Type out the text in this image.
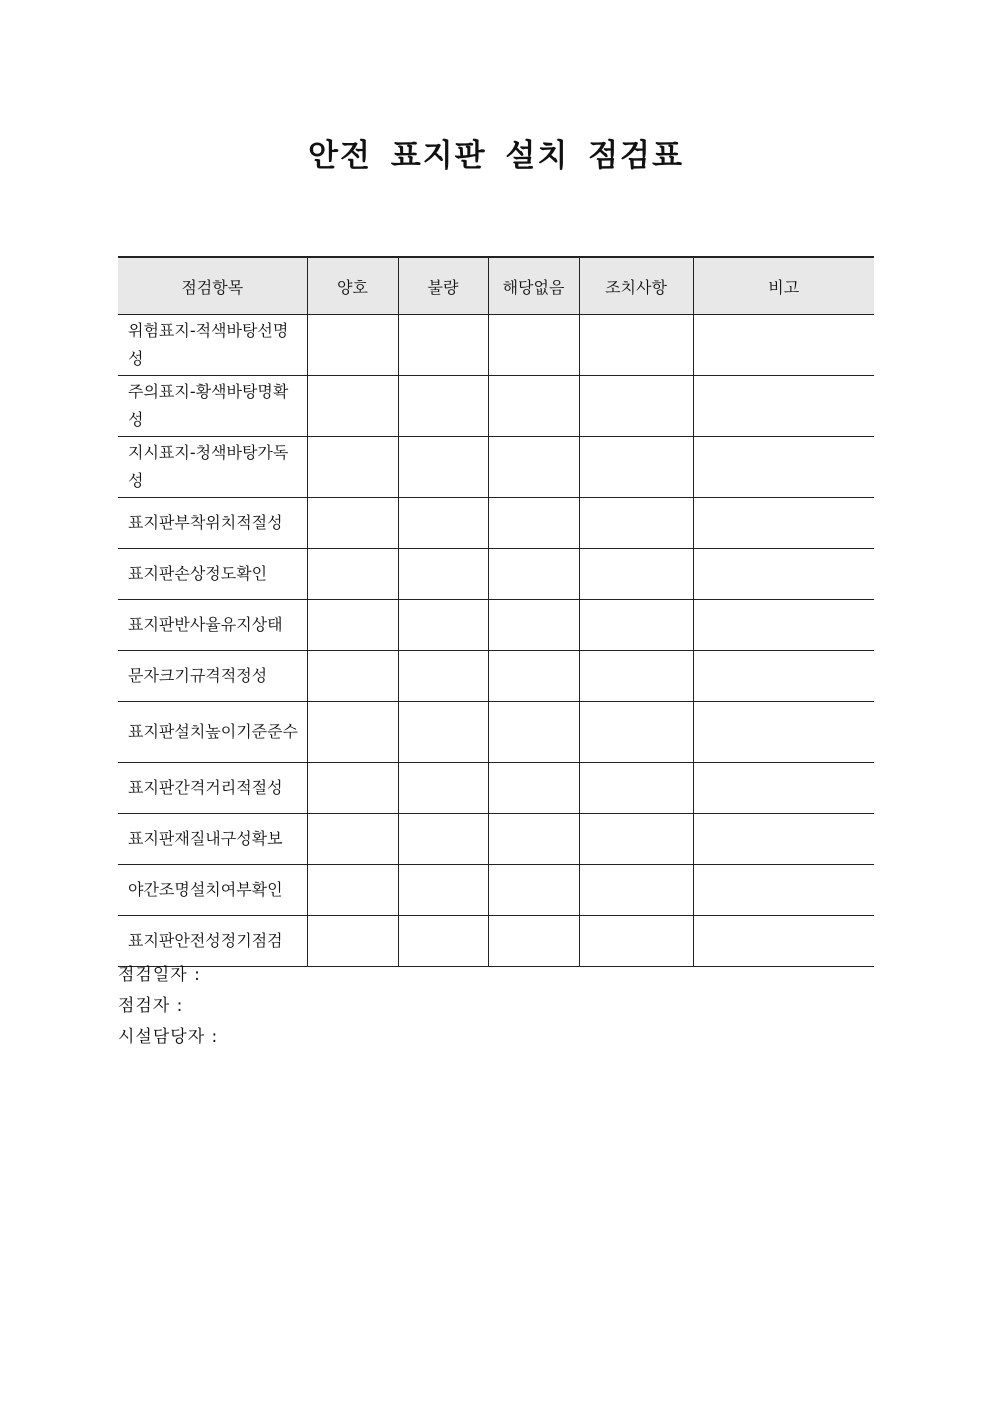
안전 표지판 설치 점검표
점검항목	양호	불량	해당없음	조치사항	비고
위험표지-적색바탕선명성					
주의표지-황색바탕명확성					
지시표지-청색바탕가독성					
표지판부착위치적절성					
표지판손상정도확인					
표지판반사율유지상태					
문자크기규격적정성					
표지판설치높이기준준수					
표지판간격거리적절성					
표지판재질내구성확보					
야간조명설치여부확인					
표지판안전성정기점검					
점검일자 :
점검자 :
시설담당자 :
